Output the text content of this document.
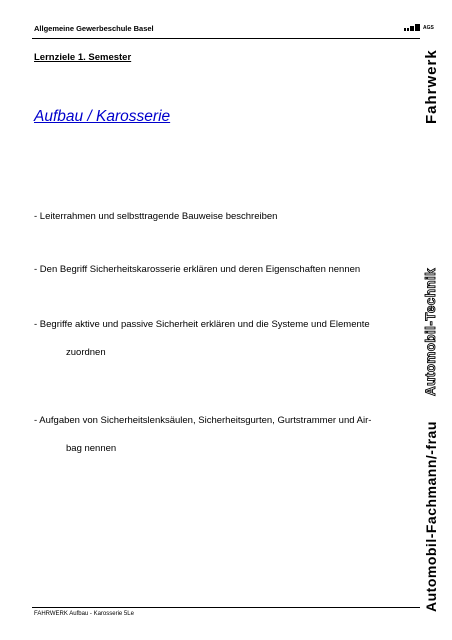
Allgemeine Gewerbeschule Basel	AGS
Lernziele 1. Semester
Aufbau / Karosserie
- Leiterrahmen und selbsttragende Bauweise beschreiben
- Den Begriff Sicherheitskarosserie erklären und deren Eigenschaften nennen
- Begriffe aktive und passive Sicherheit erklären und die Systeme und Elemente
zuordnen
- Aufgaben von Sicherheitslenksäulen, Sicherheitsgurten, Gurtstrammer und Air-
bag nennen
FAHRWERK Aufbau - Karosserie 5Le
Fahrwerk
Automobil-Technik
Automobil-Fachmann/-frau
